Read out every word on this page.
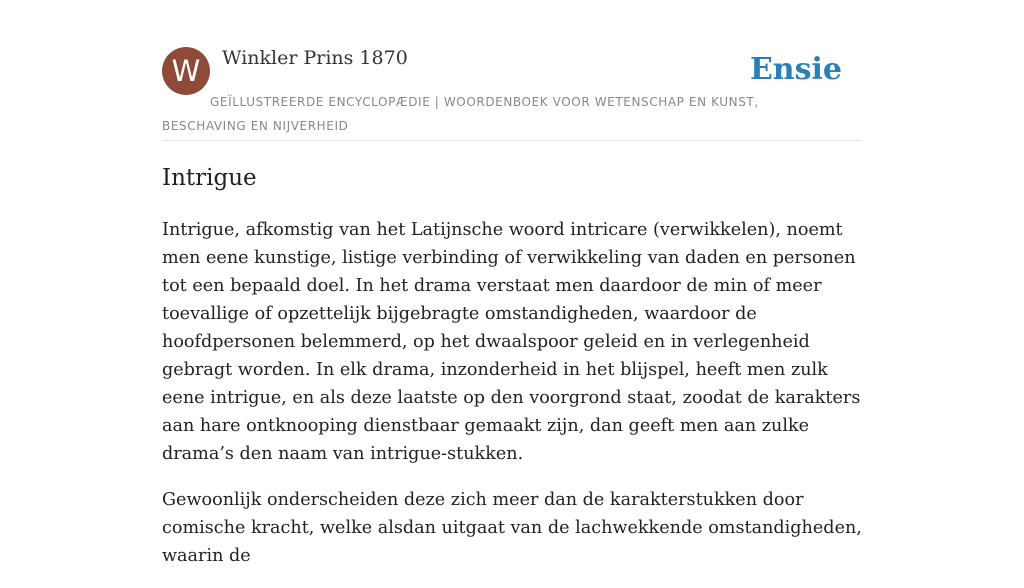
W	Winkler Prins 1870	Ensie
GEÏLLUSTREERDE ENCYCLOPÆDIE | WOORDENBOEK VOOR WETENSCHAP EN KUNST, BESCHAVING EN NIJVERHEID
Intrigue

Intrigue, afkomstig van het Latijnsche woord intricare (verwikkelen), noemt men eene kunstige, listige verbinding of verwikkeling van daden en personen tot een bepaald doel. In het drama verstaat men daardoor de min of meer toevallige of opzettelijk bijgebragte omstandigheden, waardoor de hoofdpersonen belemmerd, op het dwaalspoor geleid en in verlegenheid gebragt worden. In elk drama, inzonderheid in het blijspel, heeft men zulk eene intrigue, en als deze laatste op den voorgrond staat, zoodat de karakters aan hare ontknooping dienstbaar gemaakt zijn, dan geeft men aan zulke drama’s den naam van intrigue-stukken.

Gewoonlijk onderscheiden deze zich meer dan de karakterstukken door comische kracht, welke alsdan uitgaat van de lachwekkende omstandigheden, waarin de
